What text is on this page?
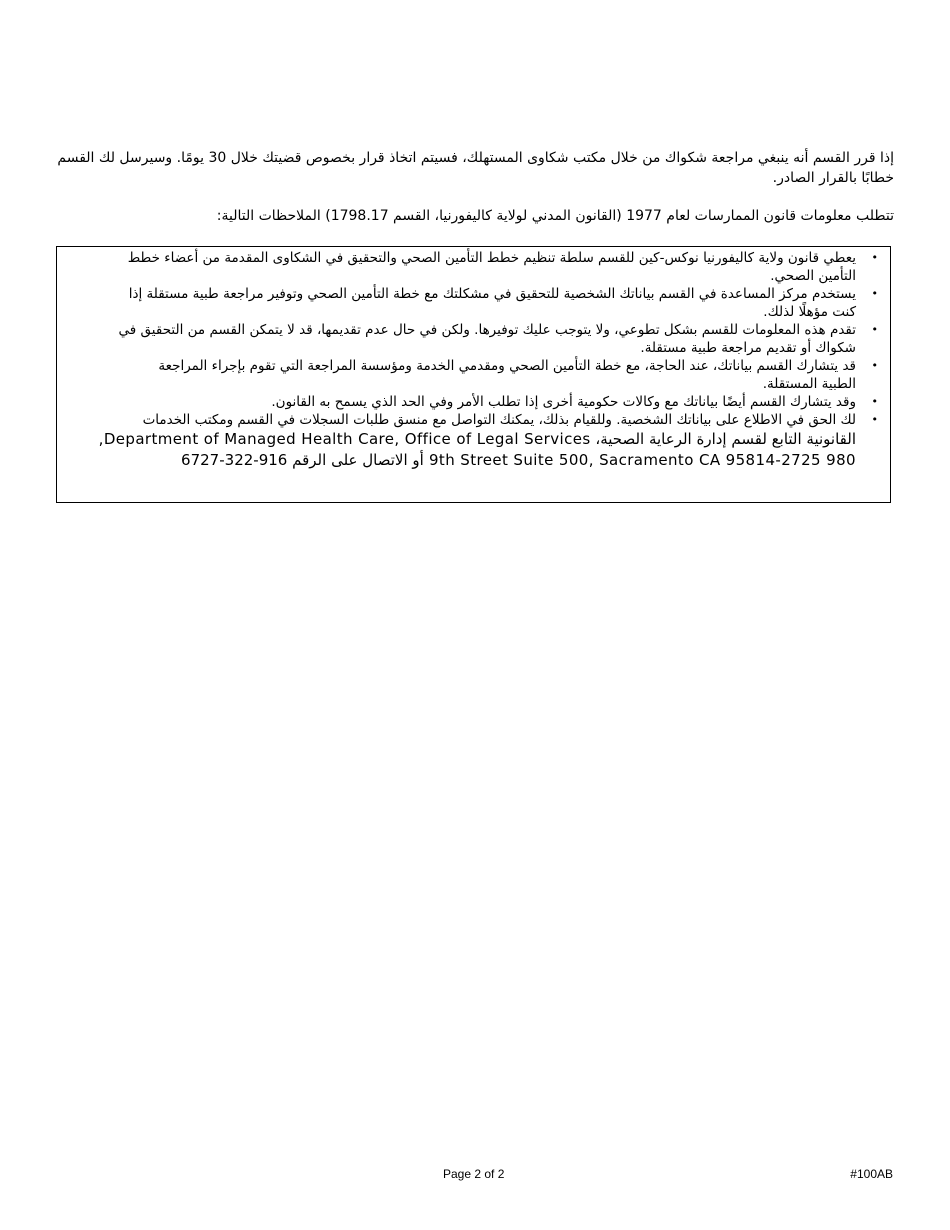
إذا قرر القسم أنه ينبغي مراجعة شكواك من خلال مكتب شكاوى المستهلك، فسيتم اتخاذ قرار بخصوص قضيتك خلال 30 يومًا. وسيرسل لك القسم خطابًا بالقرار الصادر.

تتطلب معلومات قانون الممارسات لعام 1977 (القانون المدني لولاية كاليفورنيا، القسم 1798.17) الملاحظات التالية:

•
يعطي قانون ولاية كاليفورنيا نوكس-كين للقسم سلطة تنظيم خطط التأمين الصحي والتحقيق في الشكاوى المقدمة من أعضاء خطط
التأمين الصحي.
•
يستخدم مركز المساعدة في القسم بياناتك الشخصية للتحقيق في مشكلتك مع خطة التأمين الصحي وتوفير مراجعة طبية مستقلة إذا
كنت مؤهلًا لذلك.
•
تقدم هذه المعلومات للقسم بشكل تطوعي، ولا يتوجب عليك توفيرها. ولكن في حال عدم تقديمها، قد لا يتمكن القسم من التحقيق في
شكواك أو تقديم مراجعة طبية مستقلة.
•
قد يتشارك القسم بياناتك، عند الحاجة، مع خطة التأمين الصحي ومقدمي الخدمة ومؤسسة المراجعة التي تقوم بإجراء المراجعة
الطبية المستقلة.
•
وقد يتشارك القسم أيضًا بياناتك مع وكالات حكومية أخرى إذا تطلب الأمر وفي الحد الذي يسمح به القانون.
•
لك الحق في الاطلاع على بياناتك الشخصية. وللقيام بذلك، يمكنك التواصل مع منسق طلبات السجلات في القسم ومكتب الخدمات
القانونية التابع لقسم إدارة الرعاية الصحية، Department of Managed Health Care, Office of Legal Services,
980 9th Street Suite 500, Sacramento CA 95814-2725 أو الاتصال على الرقم 916-322-6727
Page 2 of 2	#100AB
